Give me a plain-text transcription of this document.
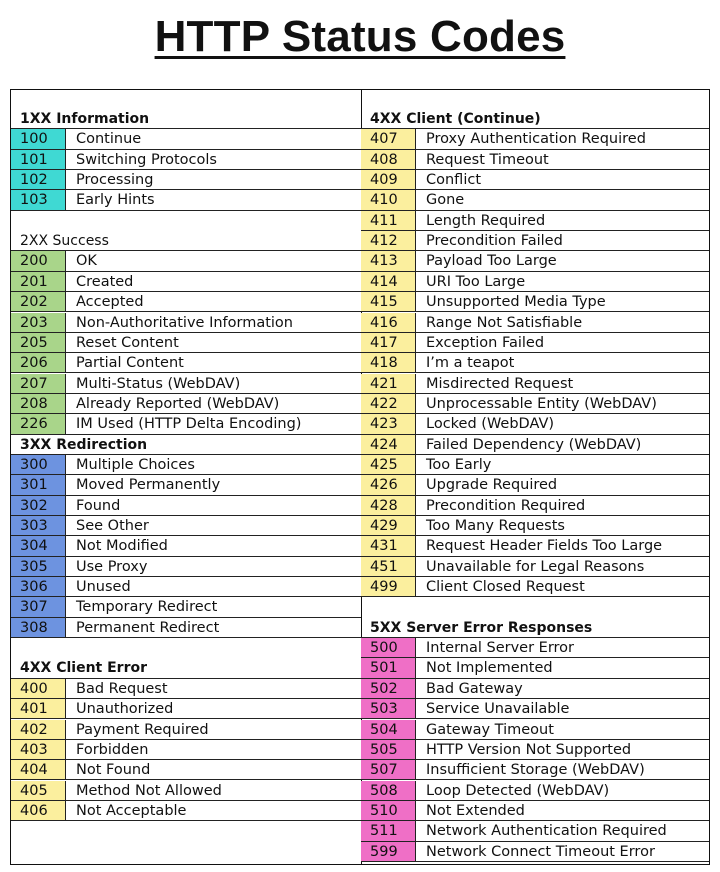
HTTP Status Codes
1XX Information
100	Continue
101	Switching Protocols
102	Processing
103	Early Hints
2XX Success
200	OK
201	Created
202	Accepted
203	Non-Authoritative Information
205	Reset Content
206	Partial Content
207	Multi-Status (WebDAV)
208	Already Reported (WebDAV)
226	IM Used (HTTP Delta Encoding)
3XX Redirection
300	Multiple Choices
301	Moved Permanently
302	Found
303	See Other
304	Not Modified
305	Use Proxy
306	Unused
307	Temporary Redirect
308	Permanent Redirect
4XX Client Error
400	Bad Request
401	Unauthorized
402	Payment Required
403	Forbidden
404	Not Found
405	Method Not Allowed
406	Not Acceptable
4XX Client (Continue)
407	Proxy Authentication Required
408	Request Timeout
409	Conflict
410	Gone
411	Length Required
412	Precondition Failed
413	Payload Too Large
414	URI Too Large
415	Unsupported Media Type
416	Range Not Satisfiable
417	Exception Failed
418	I’m a teapot
421	Misdirected Request
422	Unprocessable Entity (WebDAV)
423	Locked (WebDAV)
424	Failed Dependency (WebDAV)
425	Too Early
426	Upgrade Required
428	Precondition Required
429	Too Many Requests
431	Request Header Fields Too Large
451	Unavailable for Legal Reasons
499	Client Closed Request
5XX Server Error Responses
500	Internal Server Error
501	Not Implemented
502	Bad Gateway
503	Service Unavailable
504	Gateway Timeout
505	HTTP Version Not Supported
507	Insufficient Storage (WebDAV)
508	Loop Detected (WebDAV)
510	Not Extended
511	Network Authentication Required
599	Network Connect Timeout Error
